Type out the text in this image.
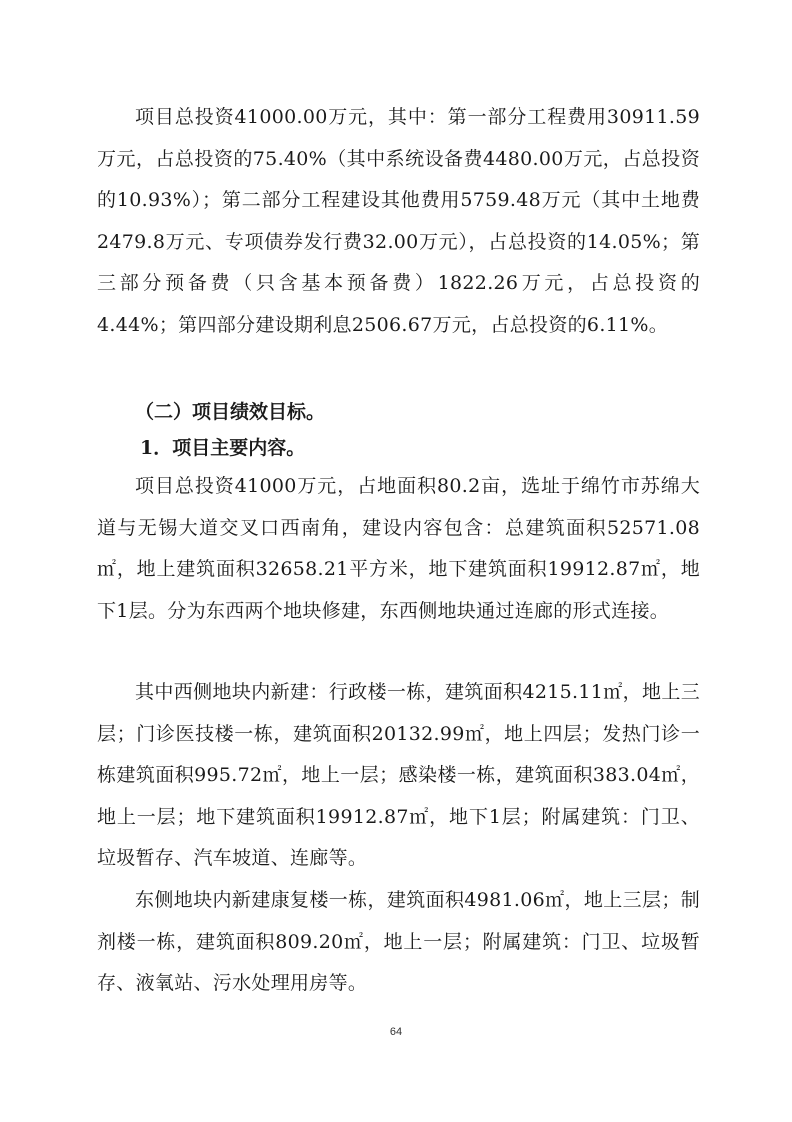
项目总投资41000.00万元，其中：第一部分工程费用30911.59万元，占总投资的75.40%（其中系统设备费4480.00万元，占总投资的10.93%）；第二部分工程建设其他费用5759.48万元（其中土地费2479.8万元、专项债券发行费32.00万元），占总投资的14.05%；第三部分预备费（只含基本预备费）1822.26万元，占总投资的4.44%；第四部分建设期利息2506.67万元，占总投资的6.11%。

（二）项目绩效目标。
1．项目主要内容。

项目总投资41000万元，占地面积80.2亩，选址于绵竹市苏绵大道与无锡大道交叉口西南角，建设内容包含：总建筑面积52571.08㎡，地上建筑面积32658.21平方米，地下建筑面积19912.87㎡，地下1层。分为东西两个地块修建，东西侧地块通过连廊的形式连接。

其中西侧地块内新建：行政楼一栋，建筑面积4215.11㎡，地上三层；门诊医技楼一栋，建筑面积20132.99㎡，地上四层；发热门诊一栋建筑面积995.72㎡，地上一层；感染楼一栋，建筑面积383.04㎡，地上一层；地下建筑面积19912.87㎡，地下1层；附属建筑：门卫、垃圾暂存、汽车坡道、连廊等。

东侧地块内新建康复楼一栋，建筑面积4981.06㎡，地上三层；制剂楼一栋，建筑面积809.20㎡，地上一层；附属建筑：门卫、垃圾暂存、液氧站、污水处理用房等。

64
